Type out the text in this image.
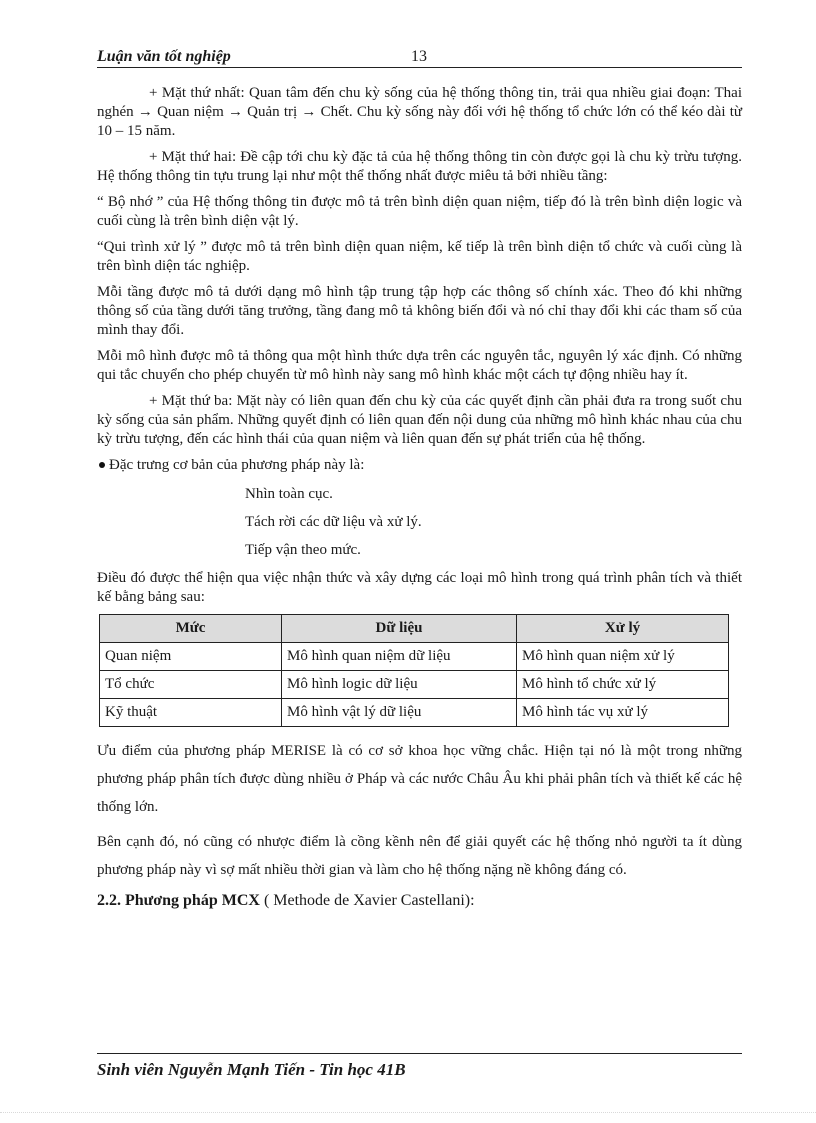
Luận văn tốt nghiệp	13

+ Mặt thứ nhất: Quan tâm đến chu kỳ sống của hệ thống thông tin, trải qua nhiều giai đoạn: Thai nghén → Quan niệm → Quản trị → Chết. Chu kỳ sống này đối với hệ thống tổ chức lớn có thể kéo dài từ 10 – 15 năm.

+ Mặt thứ hai: Đề cập tới chu kỳ đặc tả của hệ thống thông tin còn được gọi là chu kỳ trừu tượng. Hệ thống thông tin tựu trung lại như một thể thống nhất được miêu tả bởi nhiều tầng:

“ Bộ nhớ ” của Hệ thống thông tin được mô tả trên bình diện quan niệm, tiếp đó là trên bình diện logic và cuối cùng là trên bình diện vật lý.

“Qui trình xử lý ” được mô tả trên bình diện quan niệm, kế tiếp là trên bình diện tổ chức và cuối cùng là trên bình diện tác nghiệp.

Mỗi tầng được mô tả dưới dạng mô hình tập trung tập hợp các thông số chính xác. Theo đó khi những thông số của tầng dưới tăng trưởng, tầng đang mô tả không biến đổi và nó chỉ thay đổi khi các tham số của mình thay đổi.

Mỗi mô hình được mô tả thông qua một hình thức dựa trên các nguyên tắc, nguyên lý xác định. Có những qui tắc chuyển cho phép chuyển từ mô hình này sang mô hình khác một cách tự động nhiều hay ít.

+ Mặt thứ ba: Mặt này có liên quan đến chu kỳ của các quyết định cần phải đưa ra trong suốt chu kỳ sống của sản phẩm. Những quyết định có liên quan đến nội dung của những mô hình khác nhau của chu kỳ trừu tượng, đến các hình thái của quan niệm và liên quan đến sự phát triển của hệ thống.

Đặc trưng cơ bản của phương pháp này là:

Nhìn toàn cục.
Tách rời các dữ liệu và xử lý.
Tiếp vận theo mức.

Điều đó được thể hiện qua việc nhận thức và xây dựng các loại mô hình trong quá trình phân tích và thiết kế bằng bảng sau:

Mức	Dữ liệu	Xử lý
Quan niệm	Mô hình quan niệm dữ liệu	Mô hình quan niệm xử lý
Tổ chức	Mô hình logic dữ liệu	Mô hình tổ chức xử lý
Kỹ thuật	Mô hình vật lý dữ liệu	Mô hình tác vụ xử lý

Ưu điểm của phương pháp MERISE là có cơ sở khoa học vững chắc. Hiện tại nó là một trong những phương pháp phân tích được dùng nhiều ở Pháp và các nước Châu Âu khi phải phân tích và thiết kế các hệ thống lớn.

Bên cạnh đó, nó cũng có nhược điểm là cồng kềnh nên để giải quyết các hệ thống nhỏ người ta ít dùng phương pháp này vì sợ mất nhiều thời gian và làm cho hệ thống nặng nề không đáng có.

2.2. Phương pháp MCX ( Methode de Xavier Castellani):

Sinh viên Nguyễn Mạnh Tiến - Tin học 41B
